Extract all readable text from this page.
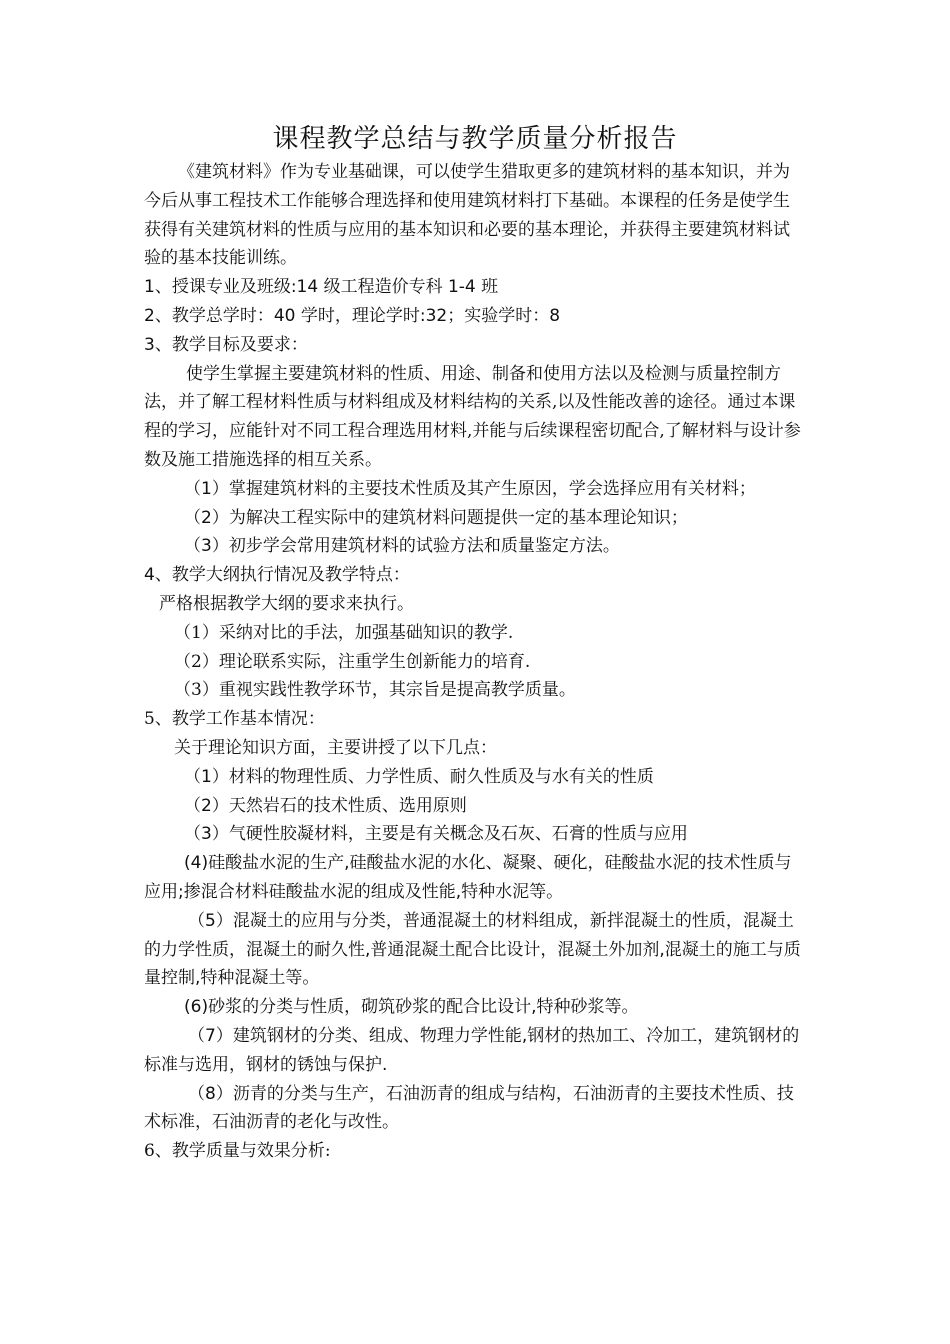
课程教学总结与教学质量分析报告

《建筑材料》作为专业基础课，可以使学生猎取更多的建筑材料的基本知识，并为今后从事工程技术工作能够合理选择和使用建筑材料打下基础。本课程的任务是使学生获得有关建筑材料的性质与应用的基本知识和必要的基本理论，并获得主要建筑材料试验的基本技能训练。

1、授课专业及班级:14 级工程造价专科 1-4 班

2、教学总学时：40 学时，理论学时:32；实验学时：8

3、教学目标及要求：

使学生掌握主要建筑材料的性质、用途、制备和使用方法以及检测与质量控制方法，并了解工程材料性质与材料组成及材料结构的关系,以及性能改善的途径。通过本课程的学习，应能针对不同工程合理选用材料,并能与后续课程密切配合,了解材料与设计参数及施工措施选择的相互关系。

（1）掌握建筑材料的主要技术性质及其产生原因，学会选择应用有关材料；

（2）为解决工程实际中的建筑材料问题提供一定的基本理论知识；

（3）初步学会常用建筑材料的试验方法和质量鉴定方法。

4、教学大纲执行情况及教学特点：

严格根据教学大纲的要求来执行。

（1）采纳对比的手法，加强基础知识的教学.

（2）理论联系实际，注重学生创新能力的培育.

（3）重视实践性教学环节，其宗旨是提高教学质量。

5、教学工作基本情况：

关于理论知识方面，主要讲授了以下几点：

（1）材料的物理性质、力学性质、耐久性质及与水有关的性质

（2）天然岩石的技术性质、选用原则

（3）气硬性胶凝材料，主要是有关概念及石灰、石膏的性质与应用

(4)硅酸盐水泥的生产,硅酸盐水泥的水化、凝聚、硬化，硅酸盐水泥的技术性质与应用;掺混合材料硅酸盐水泥的组成及性能,特种水泥等。

（5）混凝土的应用与分类，普通混凝土的材料组成，新拌混凝土的性质，混凝土的力学性质，混凝土的耐久性,普通混凝土配合比设计，混凝土外加剂,混凝土的施工与质量控制,特种混凝土等。

(6)砂浆的分类与性质，砌筑砂浆的配合比设计,特种砂浆等。

（7）建筑钢材的分类、组成、物理力学性能,钢材的热加工、冷加工，建筑钢材的标准与选用，钢材的锈蚀与保护.

（8）沥青的分类与生产，石油沥青的组成与结构，石油沥青的主要技术性质、技术标准，石油沥青的老化与改性。

6、教学质量与效果分析:
